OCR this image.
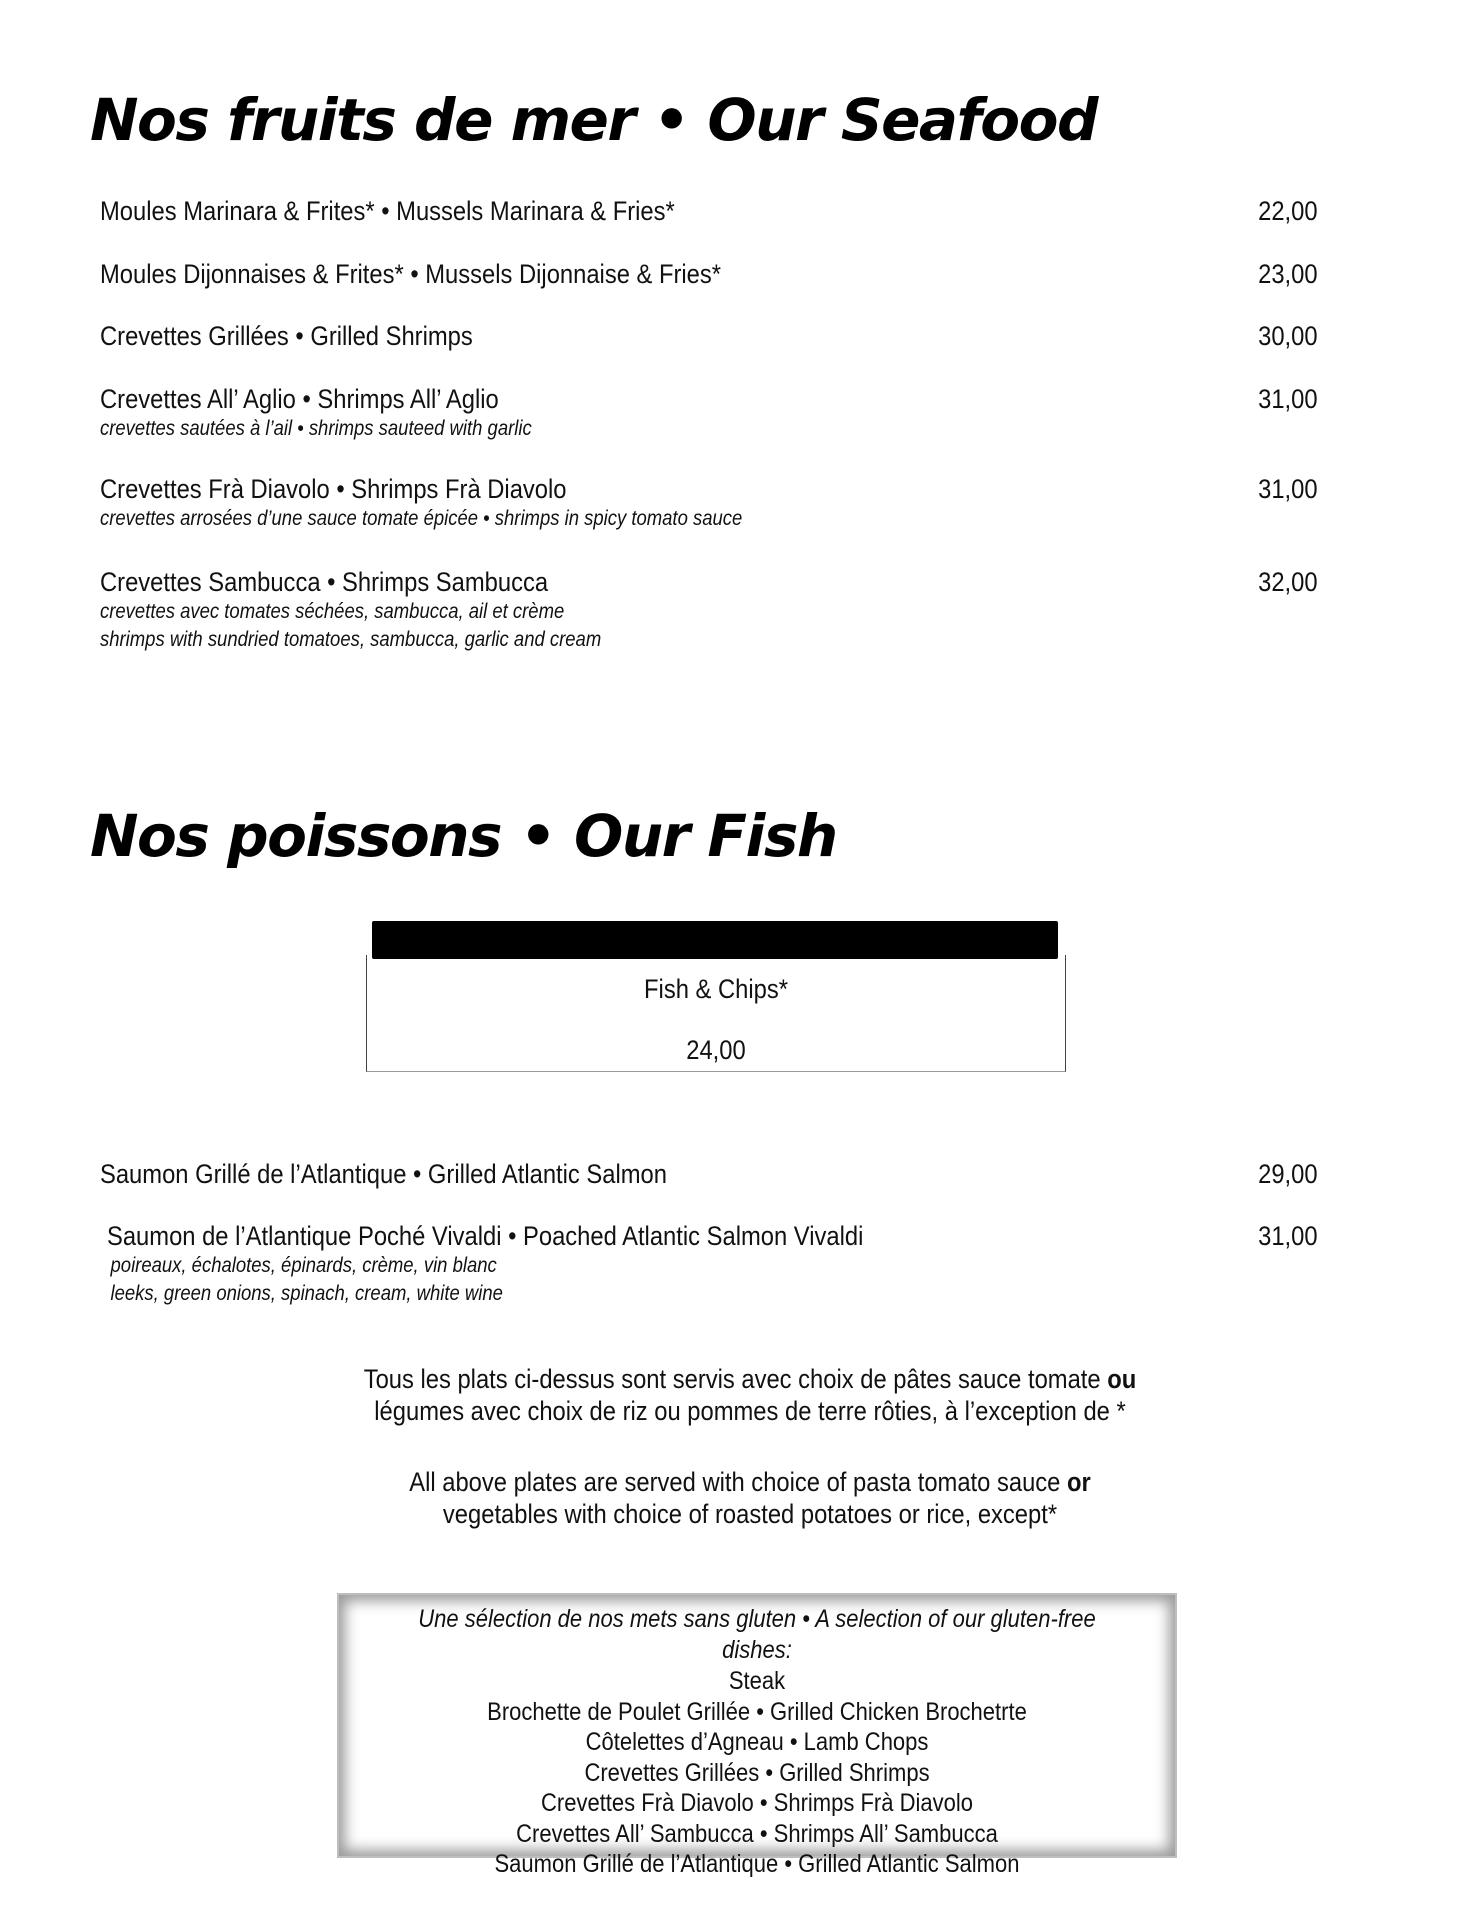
Nos fruits de mer • Our Seafood
Moules Marinara & Frites* • Mussels Marinara & Fries*	22,00
Moules Dijonnaises & Frites* • Mussels Dijonnaise & Fries*	23,00
Crevettes Grillées • Grilled Shrimps	30,00
Crevettes All’ Aglio • Shrimps All’ Aglio	31,00
crevettes sautées à l’ail • shrimps sauteed with garlic
Crevettes Frà Diavolo • Shrimps Frà Diavolo	31,00
crevettes arrosées d’une sauce tomate épicée • shrimps in spicy tomato sauce
Crevettes Sambucca • Shrimps Sambucca	32,00
crevettes avec tomates séchées, sambucca, ail et crème
shrimps with sundried tomatoes, sambucca, garlic and cream
Nos poissons • Our Fish
Fish & Chips*
24,00
Saumon Grillé de l’Atlantique • Grilled Atlantic Salmon	29,00
Saumon de l’Atlantique Poché Vivaldi • Poached Atlantic Salmon Vivaldi	31,00
poireaux, échalotes, épinards, crème, vin blanc
leeks, green onions, spinach, cream, white wine

Tous les plats ci-dessus sont servis avec choix de pâtes sauce tomate ou

légumes avec choix de riz ou pommes de terre rôties, à l’exception de *

All above plates are served with choice of pasta tomato sauce or

vegetables with choice of roasted potatoes or rice, except*

Une sélection de nos mets sans gluten • A selection of our gluten-free dishes:
Steak
Brochette de Poulet Grillée • Grilled Chicken Brochetrte
Côtelettes d’Agneau • Lamb Chops
Crevettes Grillées • Grilled Shrimps
Crevettes Frà Diavolo • Shrimps Frà Diavolo
Crevettes All’ Sambucca • Shrimps All’ Sambucca
Saumon Grillé de l’Atlantique • Grilled Atlantic Salmon
